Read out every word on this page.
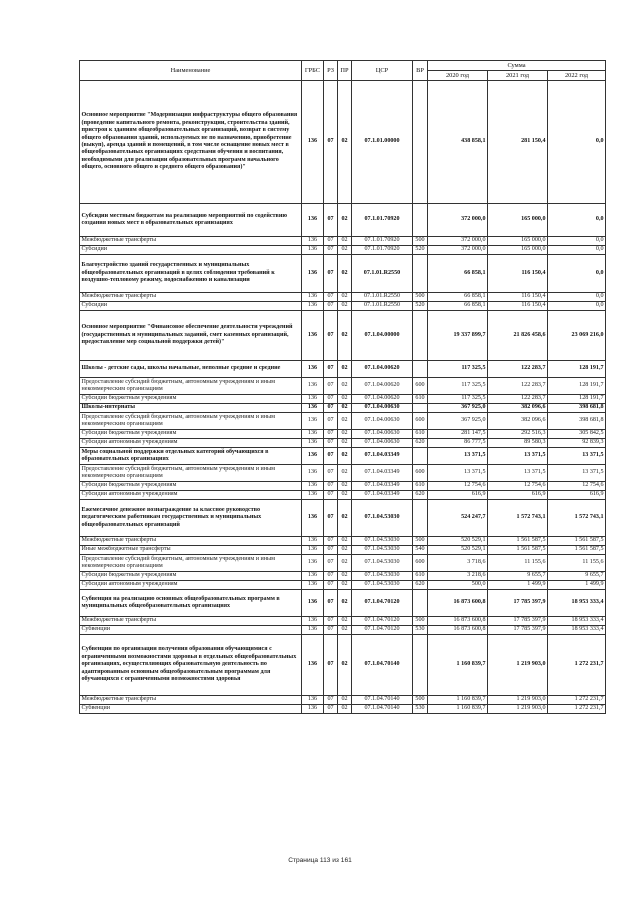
Наименование	ГРБС	РЗ	ПР	ЦСР	ВР	Сумма		
						2020 год	2021 год	2022 год
Основное мероприятие "Модернизация инфраструктуры общего образования (проведение капитального ремонта, реконструкции, строительства зданий, пристроя к зданиям общеобразовательных организаций, возврат в систему общего образования зданий, используемых не по назначению, приобретение (выкуп), аренда зданий и помещений, в том числе оснащение новых мест в общеобразовательных организациях средствами обучения и воспитания, необходимыми для реализации образовательных программ начального общего, основного общего и среднего общего образования)"	136	07	02	07.1.01.00000		438 858,1	281 150,4	0,0
Субсидии местным бюджетам на реализацию мероприятий по содействию создания новых мест в образовательных организациях	136	07	02	07.1.01.70920		372 000,0	165 000,0	0,0
Межбюджетные трансферты	136	07	02	07.1.01.70920	500	372 000,0	165 000,0	0,0
Субсидии	136	07	02	07.1.01.70920	520	372 000,0	165 000,0	0,0
Благоустройство зданий государственных и муниципальных общеобразовательных организаций в целях соблюдения требований к воздушно-тепловому режиму, водоснабжению и канализации	136	07	02	07.1.01.R2550		66 858,1	116 150,4	0,0
Межбюджетные трансферты	136	07	02	07.1.01.R2550	500	66 858,1	116 150,4	0,0
Субсидии	136	07	02	07.1.01.R2550	520	66 858,1	116 150,4	0,0
Основное мероприятие "Финансовое обеспечение деятельности учреждений (государственных и муниципальных заданий, смет казенных организаций, предоставление мер социальной поддержки детей)"	136	07	02	07.1.04.00000		19 337 899,7	21 826 458,6	23 069 216,0
Школы - детские сады, школы начальные, неполные средние и средние	136	07	02	07.1.04.00620		117 325,5	122 283,7	128 191,7
Предоставление субсидий бюджетным, автономным учреждениям и иным некоммерческим организациям	136	07	02	07.1.04.00620	600	117 325,5	122 283,7	128 191,7
Субсидии бюджетным учреждениям	136	07	02	07.1.04.00620	610	117 325,5	122 283,7	128 191,7
Школы-интернаты	136	07	02	07.1.04.00630		367 925,0	382 096,6	398 681,8
Предоставление субсидий бюджетным, автономным учреждениям и иным некоммерческим организациям	136	07	02	07.1.04.00630	600	367 925,0	382 096,6	398 681,8
Субсидии бюджетным учреждениям	136	07	02	07.1.04.00630	610	281 147,5	292 516,3	305 842,5
Субсидии автономным учреждениям	136	07	02	07.1.04.00630	620	86 777,5	89 580,3	92 839,3
Меры социальной поддержки отдельных категорий обучающихся в образовательных организациях	136	07	02	07.1.04.03349		13 371,5	13 371,5	13 371,5
Предоставление субсидий бюджетным, автономным учреждениям и иным некоммерческим организациям	136	07	02	07.1.04.03349	600	13 371,5	13 371,5	13 371,5
Субсидии бюджетным учреждениям	136	07	02	07.1.04.03349	610	12 754,6	12 754,6	12 754,6
Субсидии автономным учреждениям	136	07	02	07.1.04.03349	620	616,9	616,9	616,9
Ежемесячное денежное вознаграждение за классное руководство педагогическим работникам государственных и муниципальных общеобразовательных организаций	136	07	02	07.1.04.53030		524 247,7	1 572 743,1	1 572 743,1
Межбюджетные трансферты	136	07	02	07.1.04.53030	500	520 529,1	1 561 587,5	1 561 587,5
Иные межбюджетные трансферты	136	07	02	07.1.04.53030	540	520 529,1	1 561 587,5	1 561 587,5
Предоставление субсидий бюджетным, автономным учреждениям и иным некоммерческим организациям	136	07	02	07.1.04.53030	600	3 718,6	11 155,6	11 155,6
Субсидии бюджетным учреждениям	136	07	02	07.1.04.53030	610	3 218,6	9 655,7	9 655,7
Субсидии автономным учреждениям	136	07	02	07.1.04.53030	620	500,0	1 499,9	1 499,9
Субвенция на реализацию основных общеобразовательных программ в муниципальных общеобразовательных организациях	136	07	02	07.1.04.70120		16 873 600,8	17 785 397,9	18 953 333,4
Межбюджетные трансферты	136	07	02	07.1.04.70120	500	16 873 600,8	17 785 397,9	18 953 333,4
Субвенции	136	07	02	07.1.04.70120	530	16 873 600,8	17 785 397,9	18 953 333,4
Субвенции по организации получения образования обучающимися с ограниченными возможностями здоровья в отдельных общеобразовательных организациях, осуществляющих образовательную деятельность по адаптированным основным общеобразовательным программам для обучающихся с ограниченными возможностями здоровья	136	07	02	07.1.04.70140		1 160 839,7	1 219 903,0	1 272 231,7
Межбюджетные трансферты	136	07	02	07.1.04.70140	500	1 160 839,7	1 219 903,0	1 272 231,7
Субвенции	136	07	02	07.1.04.70140	530	1 160 839,7	1 219 903,0	1 272 231,7
Страница 113 из 161
